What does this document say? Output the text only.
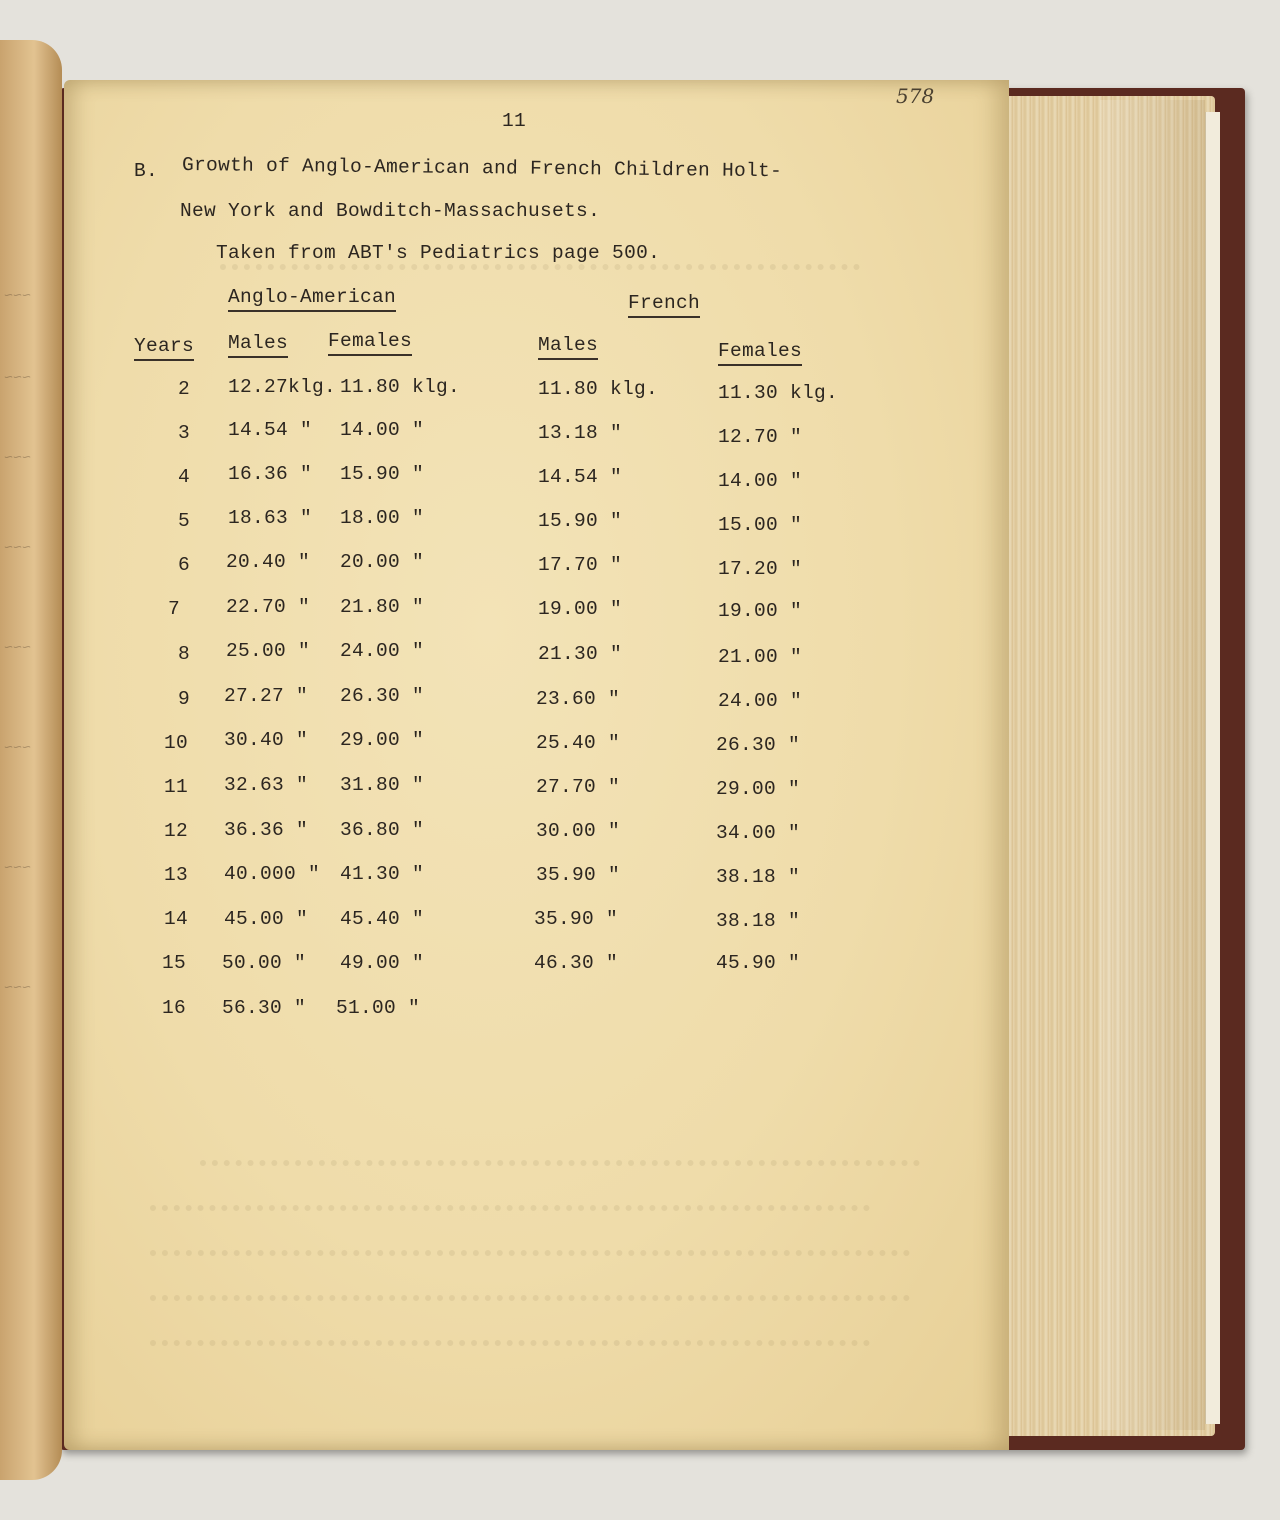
~~~
~~~
~~~
~~~
~~~
~~~
~~~
~~~
578
11
B. Growth of Anglo-American and French Children Holt-
New York and Bowditch-Massachusets.
Taken from ABT's Pediatrics page 500.
Anglo-American	French
Years Males Females	Males	Females
2 12.27klg. 11.80 klg.	11.80 klg.	11.30 klg.
3 14.54 " 14.00 "	13.18 "	12.70 "
4 16.36 " 15.90 "	14.54 "	14.00 "
5 18.63 " 18.00 "	15.90 "	15.00 "
6 20.40 " 20.00 "	17.70 "	17.20 "
7 22.70 " 21.80 "	19.00 "	19.00 "
8 25.00 " 24.00 "	21.30 "	21.00 "
9 27.27 " 26.30 "	23.60 "	24.00 "
10 30.40 " 29.00 "	25.40 "	26.30 "
11 32.63 " 31.80 "	27.70 "	29.00 "
12 36.36 " 36.80 "	30.00 "	34.00 "
13 40.000 " 41.30 "	35.90 "	38.18 "
14 45.00 " 45.40 "	35.90 "	38.18 "
15 50.00 " 49.00 "	46.30 "	45.90 "
16 56.30 " 51.00 "
